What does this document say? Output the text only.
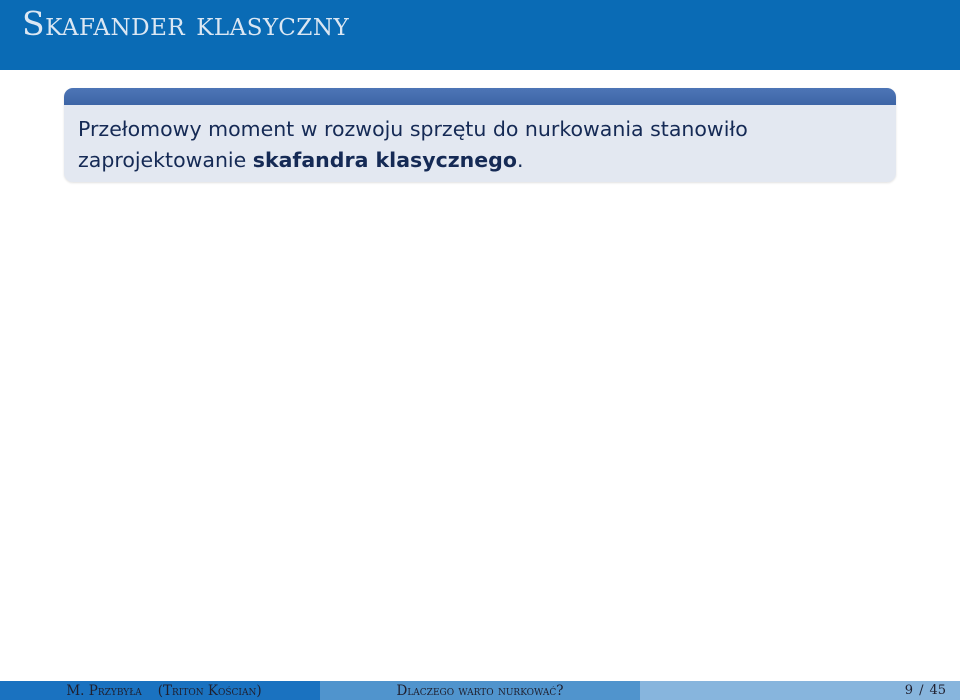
Skafander klasyczny
Przełomowy moment w rozwoju sprzętu do nurkowania stanowiło
zaprojektowanie skafandra klasycznego.
M. Przybyła (Triton Kościan)	Dlaczego warto nurkować?	9 / 45
